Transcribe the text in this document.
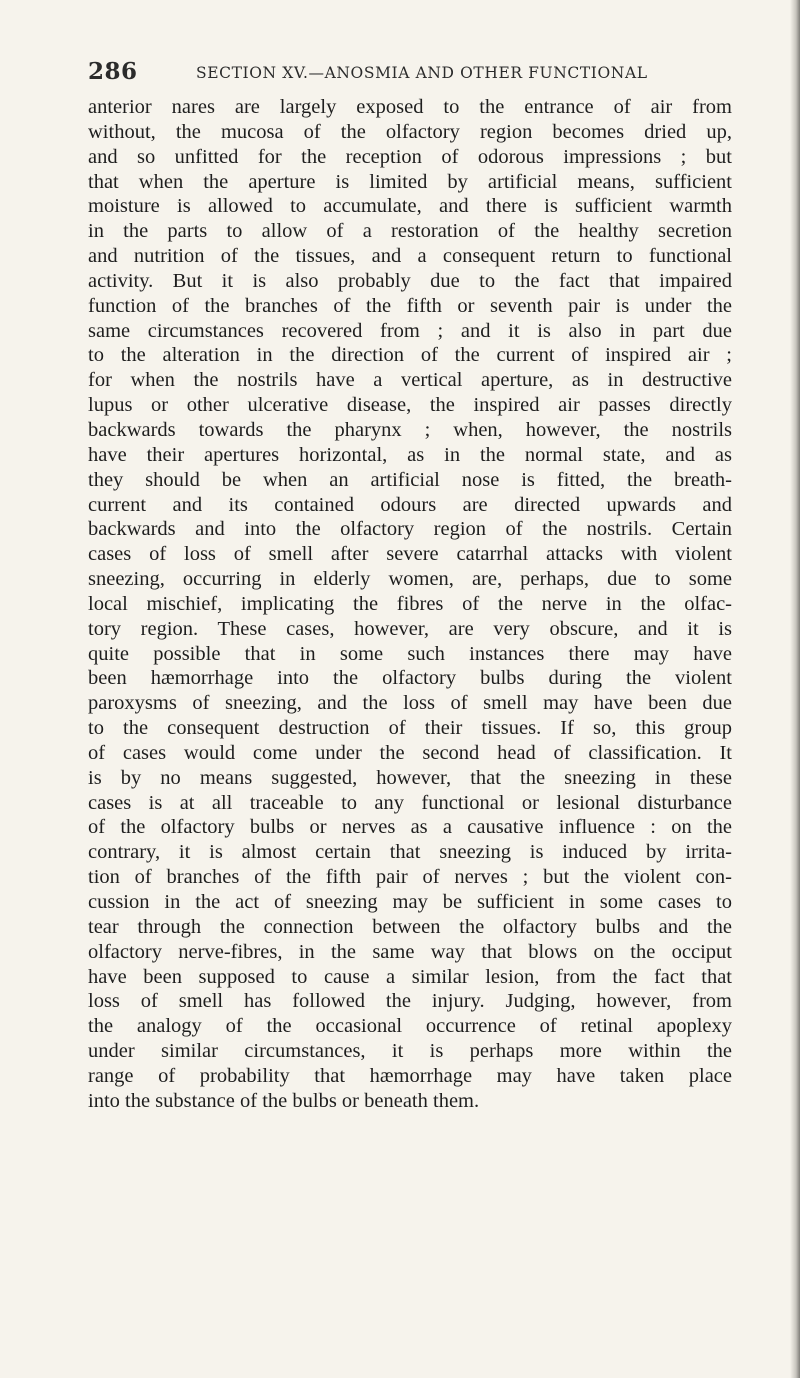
286	SECTION XV.—ANOSMIA AND OTHER FUNCTIONAL
anterior nares are largely exposed to the entrance of air from
without, the mucosa of the olfactory region becomes dried up,
and so unfitted for the reception of odorous impressions ; but
that when the aperture is limited by artificial means, sufficient
moisture is allowed to accumulate, and there is sufficient warmth
in the parts to allow of a restoration of the healthy secretion
and nutrition of the tissues, and a consequent return to functional
activity. But it is also probably due to the fact that impaired
function of the branches of the fifth or seventh pair is under the
same circumstances recovered from ; and it is also in part due
to the alteration in the direction of the current of inspired air ;
for when the nostrils have a vertical aperture, as in destructive
lupus or other ulcerative disease, the inspired air passes directly
backwards towards the pharynx ; when, however, the nostrils
have their apertures horizontal, as in the normal state, and as
they should be when an artificial nose is fitted, the breath-
current and its contained odours are directed upwards and
backwards and into the olfactory region of the nostrils. Certain
cases of loss of smell after severe catarrhal attacks with violent
sneezing, occurring in elderly women, are, perhaps, due to some
local mischief, implicating the fibres of the nerve in the olfac-
tory region. These cases, however, are very obscure, and it is
quite possible that in some such instances there may have
been hæmorrhage into the olfactory bulbs during the violent
paroxysms of sneezing, and the loss of smell may have been due
to the consequent destruction of their tissues. If so, this group
of cases would come under the second head of classification. It
is by no means suggested, however, that the sneezing in these
cases is at all traceable to any functional or lesional disturbance
of the olfactory bulbs or nerves as a causative influence : on the
contrary, it is almost certain that sneezing is induced by irrita-
tion of branches of the fifth pair of nerves ; but the violent con-
cussion in the act of sneezing may be sufficient in some cases to
tear through the connection between the olfactory bulbs and the
olfactory nerve-fibres, in the same way that blows on the occiput
have been supposed to cause a similar lesion, from the fact that
loss of smell has followed the injury. Judging, however, from
the analogy of the occasional occurrence of retinal apoplexy
under similar circumstances, it is perhaps more within the
range of probability that hæmorrhage may have taken place
into the substance of the bulbs or beneath them.
